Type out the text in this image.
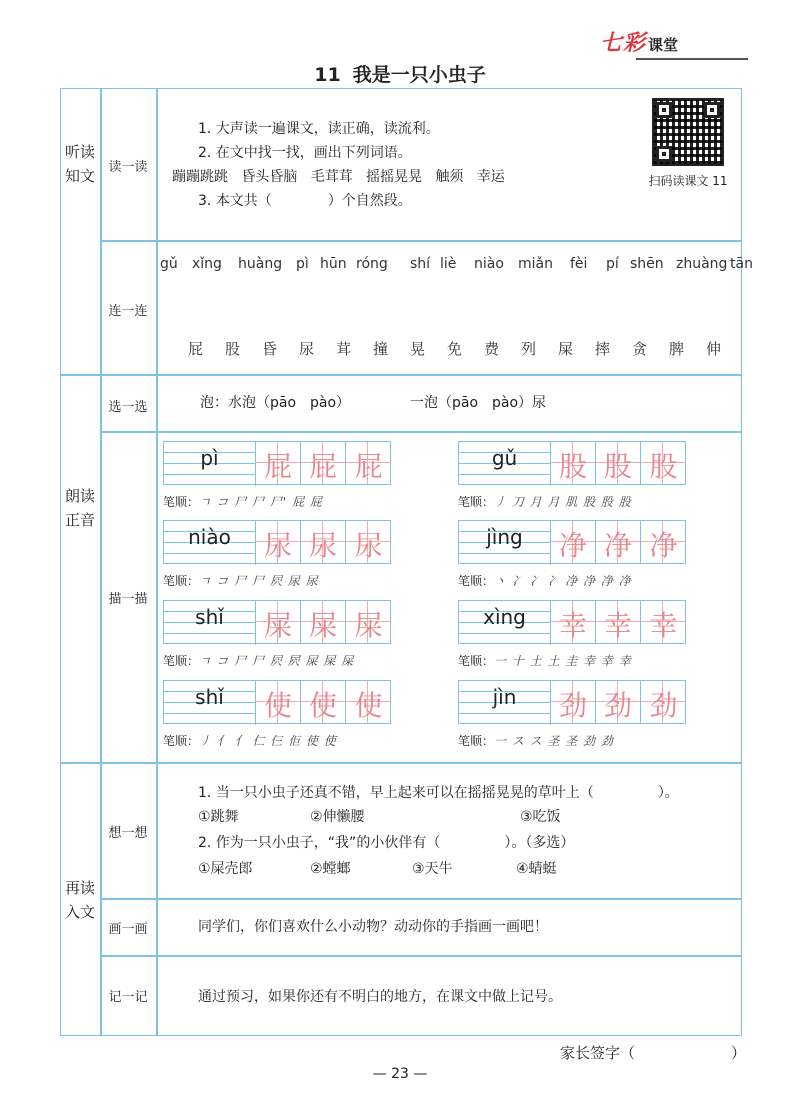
七彩 课堂
11 我是一只小虫子
听读
知文
朗读
正音
再读
入文
读一读
连一连
选一选
描一描
想一想
画一画
记一记
1. 大声读一遍课文，读正确，读流利。
2. 在文中找一找，画出下列词语。
蹦蹦跳跳 昏头昏脑 毛茸茸 摇摇晃晃 触须 幸运
3. 本文共（	）个自然段。
扫码读课文 11
gǔ xǐng huàng pì hūn róng shí liè niào miǎn fèi pí shēn zhuàng tān
屁 股 昏 尿 茸 撞 晃 免 费 列 屎 摔 贪 脾 伸
泡：水泡（pāo　pào）	一泡（pāo　pào）尿
pì	屁 屁 屁
笔顺：ㄱ コ 尸 尸 尸' 屁 屁
gǔ	股 股 股
笔顺：丿 刀 月 月 肌 股 股 股
niào	尿 尿 尿
笔顺：ㄱ コ 尸 尸 屄 尿 尿
jìng	净 净 净
笔顺：丶 冫 冫 冫 净 净 净 净
shǐ	屎 屎 屎
笔顺：ㄱ コ 尸 尸 屄 屄 屎 屎 屎
xìng	幸 幸 幸
笔顺：一 十 土 土 圭 幸 幸 幸
shǐ	使 使 使
笔顺：丿 亻 亻 仁 仨 佢 使 使
jìn	劲 劲 劲
笔顺：一 ス ス 圣 圣 劲 劲
1. 当一只小虫子还真不错，早上起来可以在摇摇晃晃的草叶上（	）。
①跳舞	②伸懒腰	③吃饭
2. 作为一只小虫子，“我”的小伙伴有（	）。（多选）
①屎壳郎	②螳螂	③天牛	④蜻蜓
同学们，你们喜欢什么小动物？动动你的手指画一画吧！
通过预习，如果你还有不明白的地方，在课文中做上记号。
家长签字（	）
— 23 —
